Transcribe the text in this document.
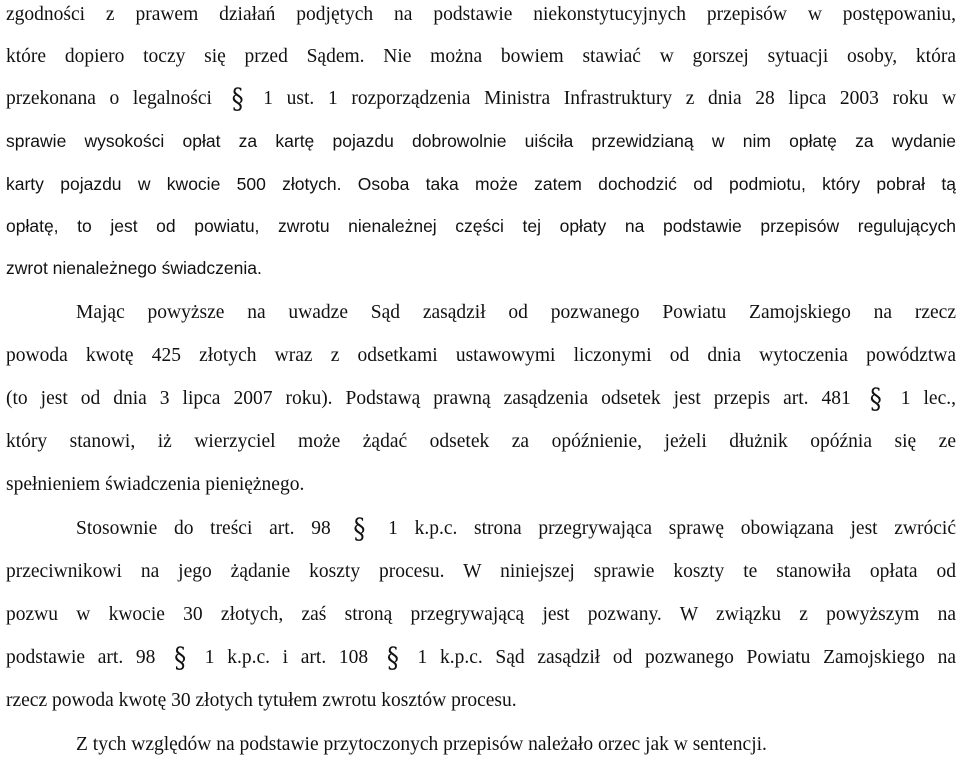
zgodności z prawem działań podjętych na podstawie niekonstytucyjnych przepisów w postępowaniu,
które dopiero toczy się przed Sądem. Nie można bowiem stawiać w gorszej sytuacji osoby, która
przekonana o legalności § 1 ust. 1 rozporządzenia Ministra Infrastruktury z dnia 28 lipca 2003 roku w
sprawie wysokości opłat za kartę pojazdu dobrowolnie uiściła przewidzianą w nim opłatę za wydanie
karty pojazdu w kwocie 500 złotych. Osoba taka może zatem dochodzić od podmiotu, który pobrał tą
opłatę, to jest od powiatu, zwrotu nienależnej części tej opłaty na podstawie przepisów regulujących
zwrot nienależnego świadczenia.
Mając powyższe na uwadze Sąd zasądził od pozwanego Powiatu Zamojskiego na rzecz
powoda kwotę 425 złotych wraz z odsetkami ustawowymi liczonymi od dnia wytoczenia powództwa
(to jest od dnia 3 lipca 2007 roku). Podstawą prawną zasądzenia odsetek jest przepis art. 481 § 1 lec.,
który stanowi, iż wierzyciel może żądać odsetek za opóźnienie, jeżeli dłużnik opóźnia się ze
spełnieniem świadczenia pieniężnego.
Stosownie do treści art. 98 § 1 k.p.c. strona przegrywająca sprawę obowiązana jest zwrócić
przeciwnikowi na jego żądanie koszty procesu. W niniejszej sprawie koszty te stanowiła opłata od
pozwu w kwocie 30 złotych, zaś stroną przegrywającą jest pozwany. W związku z powyższym na
podstawie art. 98 § 1 k.p.c. i art. 108 § 1 k.p.c. Sąd zasądził od pozwanego Powiatu Zamojskiego na
rzecz powoda kwotę 30 złotych tytułem zwrotu kosztów procesu.
Z tych względów na podstawie przytoczonych przepisów należało orzec jak w sentencji.
